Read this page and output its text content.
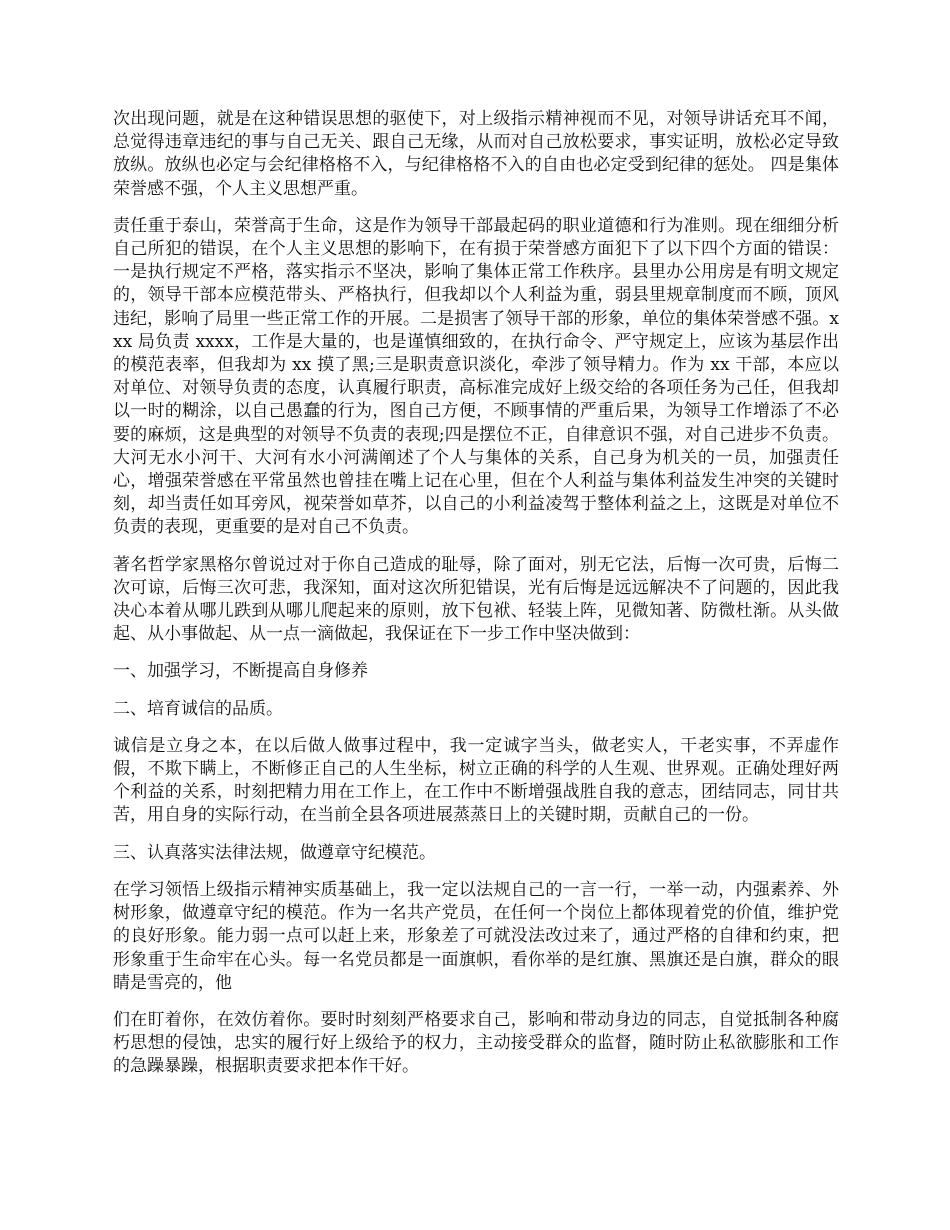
次出现问题，就是在这种错误思想的驱使下，对上级指示精神视而不见，对领导讲话充耳不闻，总觉得违章违纪的事与自己无关、跟自己无缘，从而对自己放松要求，事实证明，放松必定导致放纵。放纵也必定与会纪律格格不入，与纪律格格不入的自由也必定受到纪律的惩处。 四是集体荣誉感不强，个人主义思想严重。

责任重于泰山，荣誉高于生命，这是作为领导干部最起码的职业道德和行为准则。现在细细分析自己所犯的错误，在个人主义思想的影响下，在有损于荣誉感方面犯下了以下四个方面的错误：一是执行规定不严格，落实指示不坚决，影响了集体正常工作秩序。县里办公用房是有明文规定的，领导干部本应模范带头、严格执行，但我却以个人利益为重，弱县里规章制度而不顾，顶风违纪，影响了局里一些正常工作的开展。二是损害了领导干部的形象，单位的集体荣誉感不强。xxx 局负责 xxxx，工作是大量的，也是谨慎细致的，在执行命令、严守规定上，应该为基层作出的模范表率，但我却为 xx 摸了黑;三是职责意识淡化，牵涉了领导精力。作为 xx 干部，本应以对单位、对领导负责的态度，认真履行职责，高标准完成好上级交给的各项任务为己任，但我却以一时的糊涂，以自己愚蠢的行为，图自己方便，不顾事情的严重后果，为领导工作增添了不必要的麻烦，这是典型的对领导不负责的表现;四是摆位不正，自律意识不强，对自己进步不负责。大河无水小河干、大河有水小河满阐述了个人与集体的关系，自己身为机关的一员，加强责任心，增强荣誉感在平常虽然也曾挂在嘴上记在心里，但在个人利益与集体利益发生冲突的关键时刻，却当责任如耳旁风，视荣誉如草芥，以自己的小利益凌驾于整体利益之上，这既是对单位不负责的表现，更重要的是对自己不负责。

著名哲学家黑格尔曾说过对于你自己造成的耻辱，除了面对，别无它法，后悔一次可贵，后悔二次可谅，后悔三次可悲，我深知，面对这次所犯错误，光有后悔是远远解决不了问题的，因此我决心本着从哪儿跌到从哪儿爬起来的原则，放下包袱、轻装上阵，见微知著、防微杜渐。从头做起、从小事做起、从一点一滴做起，我保证在下一步工作中坚决做到：

一、加强学习，不断提高自身修养

二、培育诚信的品质。

诚信是立身之本，在以后做人做事过程中，我一定诚字当头，做老实人，干老实事，不弄虚作假，不欺下瞒上，不断修正自己的人生坐标，树立正确的科学的人生观、世界观。正确处理好两个利益的关系，时刻把精力用在工作上，在工作中不断增强战胜自我的意志，团结同志，同甘共苦，用自身的实际行动，在当前全县各项进展蒸蒸日上的关键时期，贡献自己的一份。

三、认真落实法律法规，做遵章守纪模范。

在学习领悟上级指示精神实质基础上，我一定以法规自己的一言一行，一举一动，内强素养、外树形象，做遵章守纪的模范。作为一名共产党员，在任何一个岗位上都体现着党的价值，维护党的良好形象。能力弱一点可以赶上来，形象差了可就没法改过来了，通过严格的自律和约束，把形象重于生命牢在心头。每一名党员都是一面旗帜，看你举的是红旗、黑旗还是白旗，群众的眼睛是雪亮的，他

们在盯着你，在效仿着你。要时时刻刻严格要求自己，影响和带动身边的同志，自觉抵制各种腐朽思想的侵蚀，忠实的履行好上级给予的权力，主动接受群众的监督，随时防止私欲膨胀和工作的急躁暴躁，根据职责要求把本作干好。
